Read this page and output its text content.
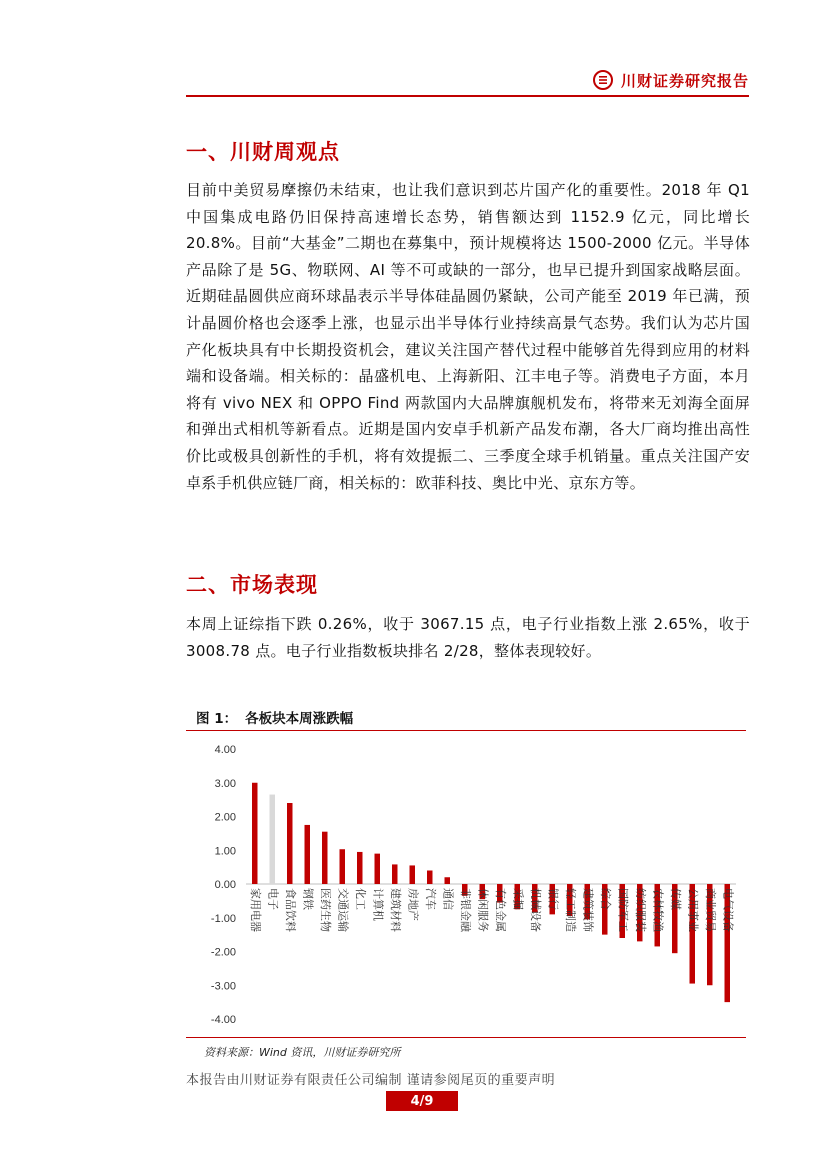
川财证券研究报告
一、川财周观点
目前中美贸易摩擦仍未结束，也让我们意识到芯片国产化的重要性。2018 年 Q1 中国集成电路仍旧保持高速增长态势，销售额达到 1152.9 亿元，同比增长 20.8%。目前“大基金”二期也在募集中，预计规模将达 1500-2000 亿元。半导体产品除了是 5G、物联网、AI 等不可或缺的一部分，也早已提升到国家战略层面。近期硅晶圆供应商环球晶表示半导体硅晶圆仍紧缺，公司产能至 2019 年已满，预计晶圆价格也会逐季上涨，也显示出半导体行业持续高景气态势。我们认为芯片国产化板块具有中长期投资机会，建议关注国产替代过程中能够首先得到应用的材料端和设备端。相关标的：晶盛机电、上海新阳、江丰电子等。消费电子方面，本月将有 vivo NEX 和 OPPO Find 两款国内大品牌旗舰机发布，将带来无刘海全面屏和弹出式相机等新看点。近期是国内安卓手机新产品发布潮，各大厂商均推出高性价比或极具创新性的手机，将有效提振二、三季度全球手机销量。重点关注国产安卓系手机供应链厂商，相关标的：欧菲科技、奥比中光、京东方等。
二、市场表现
本周上证综指下跌 0.26%，收于 3067.15 点，电子行业指数上涨 2.65%，收于 3008.78 点。电子行业指数板块排名 2/28，整体表现较好。
图 1： 各板块本周涨跌幅
4.00
3.00
2.00
1.00
0.00
-1.00
-2.00
-3.00
-4.00
家用电器 电子 食品饮料 钢铁 医药生物 交通运输 化工 计算机 建筑材料 房地产 汽车 通信 非银金融 休闲服务 有色金属 采掘 机械设备 银行 轻工制造 建筑装饰 综合 国防军工 纺织服装 农林牧渔 传媒 公用事业 商业贸易 电气设备
资料来源：Wind 资讯，川财证券研究所
本报告由川财证券有限责任公司编制 谨请参阅尾页的重要声明
4/9
